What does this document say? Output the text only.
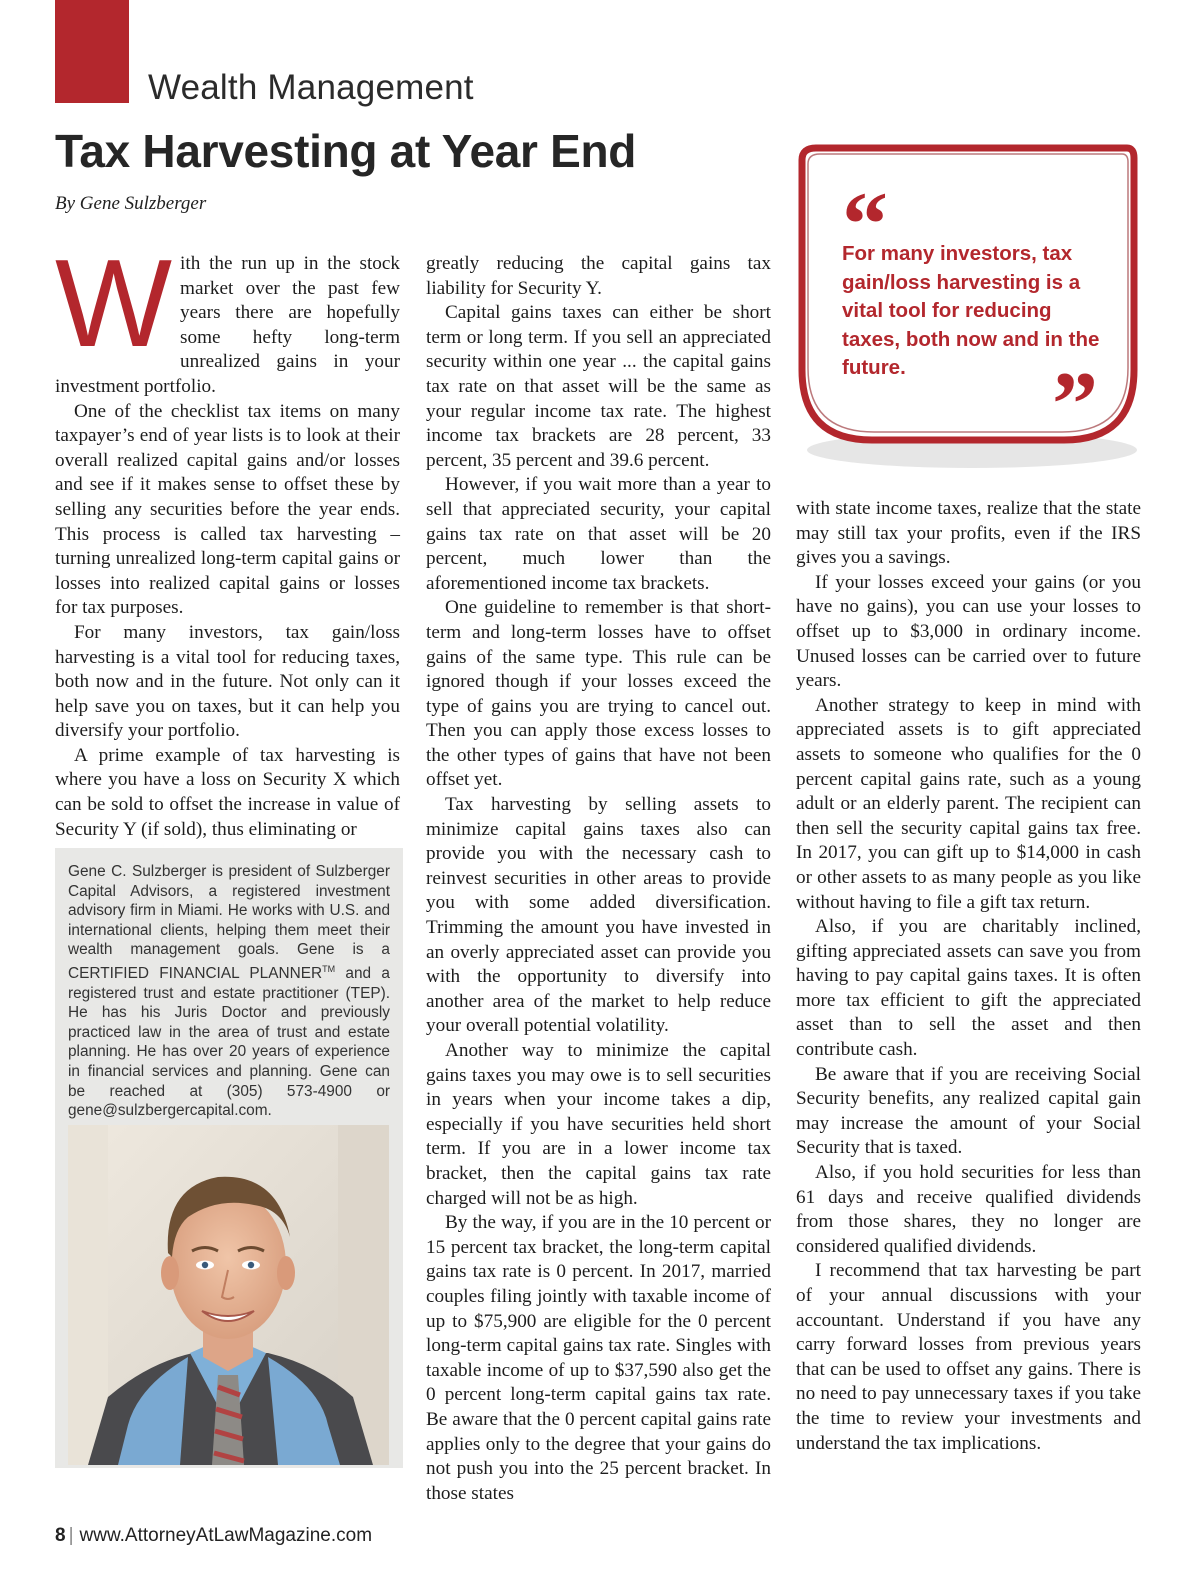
Wealth Management
Tax Harvesting at Year End
By Gene Sulzberger

With the run up in the stock market over the past few years there are hopefully some hefty long-term unrealized gains in your investment portfolio.

One of the checklist tax items on many taxpayer’s end of year lists is to look at their overall realized capital gains and/or losses and see if it makes sense to offset these by selling any securities before the year ends. This process is called tax harvesting – turning unrealized long-term capital gains or losses into realized capital gains or losses for tax purposes.

For many investors, tax gain/loss harvesting is a vital tool for reducing taxes, both now and in the future. Not only can it help save you on taxes, but it can help you diversify your portfolio.

A prime example of tax harvesting is where you have a loss on Security X which can be sold to offset the increase in value of Security Y (if sold), thus eliminating or

Gene C. Sulzberger is president of Sulzberger Capital Advisors, a registered investment advisory firm in Miami. He works with U.S. and international clients, helping them meet their wealth management goals. Gene is a CERTIFIED FINANCIAL PLANNER™ and a registered trust and estate practitioner (TEP). He has his Juris Doctor and previously practiced law in the area of trust and estate planning. He has over 20 years of experience in financial services and planning. Gene can be reached at (305) 573-4900 or gene@sulzbergercapital.com.

greatly reducing the capital gains tax liability for Security Y.

Capital gains taxes can either be short term or long term. If you sell an appreciated security within one year ... the capital gains tax rate on that asset will be the same as your regular income tax rate. The highest income tax brackets are 28 percent, 33 percent, 35 percent and 39.6 percent.

However, if you wait more than a year to sell that appreciated security, your capital gains tax rate on that asset will be 20 percent, much lower than the aforementioned income tax brackets.

One guideline to remember is that short-term and long-term losses have to offset gains of the same type. This rule can be ignored though if your losses exceed the type of gains you are trying to cancel out. Then you can apply those excess losses to the other types of gains that have not been offset yet.

Tax harvesting by selling assets to minimize capital gains taxes also can provide you with the necessary cash to reinvest securities in other areas to provide you with some added diversification. Trimming the amount you have invested in an overly appreciated asset can provide you with the opportunity to diversify into another area of the market to help reduce your overall potential volatility.

Another way to minimize the capital gains taxes you may owe is to sell securities in years when your income takes a dip, especially if you have securities held short term. If you are in a lower income tax bracket, then the capital gains tax rate charged will not be as high.

By the way, if you are in the 10 percent or 15 percent tax bracket, the long-term capital gains tax rate is 0 percent. In 2017, married couples filing jointly with taxable income of up to $75,900 are eligible for the 0 percent long-term capital gains tax rate. Singles with taxable income of up to $37,590 also get the 0 percent long-term capital gains tax rate. Be aware that the 0 percent capital gains rate applies only to the degree that your gains do not push you into the 25 percent bracket. In those states

“

For many investors, tax gain/loss harvesting is a vital tool for reducing taxes, both now and in the future.	”

with state income taxes, realize that the state may still tax your profits, even if the IRS gives you a savings.

If your losses exceed your gains (or you have no gains), you can use your losses to offset up to $3,000 in ordinary income. Unused losses can be carried over to future years.

Another strategy to keep in mind with appreciated assets is to gift appreciated assets to someone who qualifies for the 0 percent capital gains rate, such as a young adult or an elderly parent. The recipient can then sell the security capital gains tax free. In 2017, you can gift up to $14,000 in cash or other assets to as many people as you like without having to file a gift tax return.

Also, if you are charitably inclined, gifting appreciated assets can save you from having to pay capital gains taxes. It is often more tax efficient to gift the appreciated asset than to sell the asset and then contribute cash.

Be aware that if you are receiving Social Security benefits, any realized capital gain may increase the amount of your Social Security that is taxed.

Also, if you hold securities for less than 61 days and receive qualified dividends from those shares, they no longer are considered qualified dividends.

I recommend that tax harvesting be part of your annual discussions with your accountant. Understand if you have any carry forward losses from previous years that can be used to offset any gains. There is no need to pay unnecessary taxes if you take the time to review your investments and understand the tax implications.

8 | www.AttorneyAtLawMagazine.com
